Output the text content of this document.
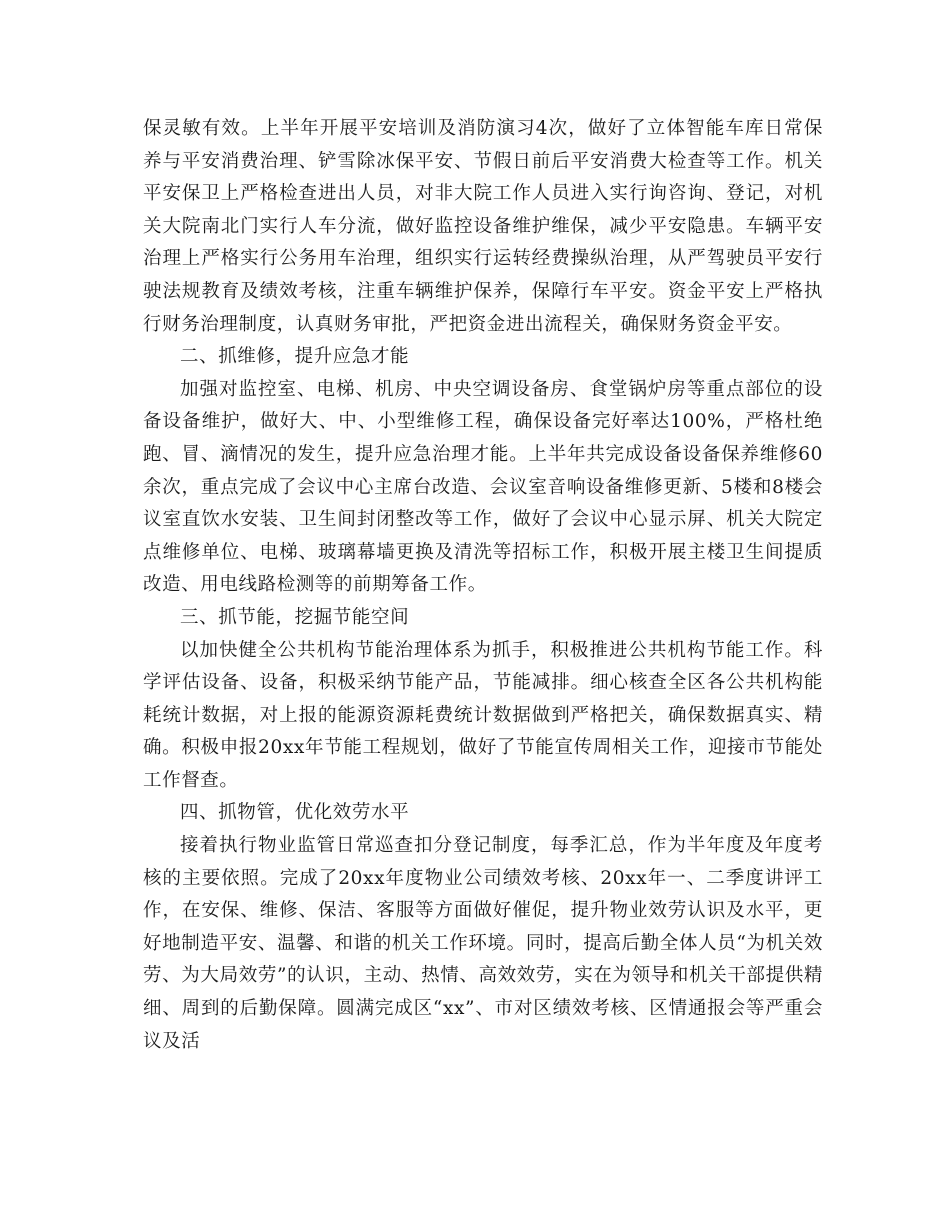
保灵敏有效。上半年开展平安培训及消防演习4次，做好了立体智能车库日常保养与平安消费治理、铲雪除冰保平安、节假日前后平安消费大检查等工作。机关平安保卫上严格检查进出人员，对非大院工作人员进入实行询咨询、登记，对机关大院南北门实行人车分流，做好监控设备维护维保，减少平安隐患。车辆平安治理上严格实行公务用车治理，组织实行运转经费操纵治理，从严驾驶员平安行驶法规教育及绩效考核，注重车辆维护保养，保障行车平安。资金平安上严格执行财务治理制度，认真财务审批，严把资金进出流程关，确保财务资金平安。

二、抓维修，提升应急才能

加强对监控室、电梯、机房、中央空调设备房、食堂锅炉房等重点部位的设备设备维护，做好大、中、小型维修工程，确保设备完好率达100%，严格杜绝跑、冒、滴情况的发生，提升应急治理才能。上半年共完成设备设备保养维修60余次，重点完成了会议中心主席台改造、会议室音响设备维修更新、5楼和8楼会议室直饮水安装、卫生间封闭整改等工作，做好了会议中心显示屏、机关大院定点维修单位、电梯、玻璃幕墙更换及清洗等招标工作，积极开展主楼卫生间提质改造、用电线路检测等的前期筹备工作。

三、抓节能，挖掘节能空间

以加快健全公共机构节能治理体系为抓手，积极推进公共机构节能工作。科学评估设备、设备，积极采纳节能产品，节能减排。细心核查全区各公共机构能耗统计数据，对上报的能源资源耗费统计数据做到严格把关，确保数据真实、精确。积极申报20xx年节能工程规划，做好了节能宣传周相关工作，迎接市节能处工作督查。

四、抓物管，优化效劳水平

接着执行物业监管日常巡查扣分登记制度，每季汇总，作为半年度及年度考核的主要依照。完成了20xx年度物业公司绩效考核、20xx年一、二季度讲评工作，在安保、维修、保洁、客服等方面做好催促，提升物业效劳认识及水平，更好地制造平安、温馨、和谐的机关工作环境。同时，提高后勤全体人员“为机关效劳、为大局效劳”的认识，主动、热情、高效效劳，实在为领导和机关干部提供精细、周到的后勤保障。圆满完成区“xx”、市对区绩效考核、区情通报会等严重会议及活
